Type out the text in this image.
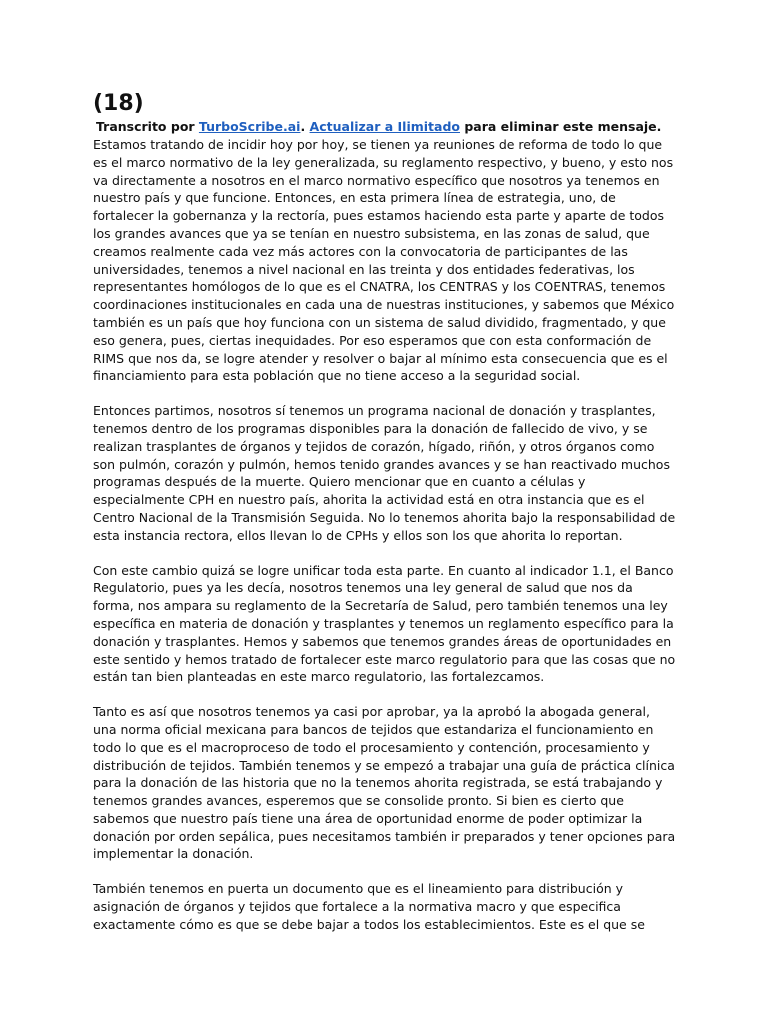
(18)

Transcrito por TurboScribe.ai. Actualizar a Ilimitado para eliminar este mensaje.

Estamos tratando de incidir hoy por hoy, se tienen ya reuniones de reforma de todo lo que es el marco normativo de la ley generalizada, su reglamento respectivo, y bueno, y esto nos va directamente a nosotros en el marco normativo específico que nosotros ya tenemos en nuestro país y que funcione. Entonces, en esta primera línea de estrategia, uno, de fortalecer la gobernanza y la rectoría, pues estamos haciendo esta parte y aparte de todos los grandes avances que ya se tenían en nuestro subsistema, en las zonas de salud, que creamos realmente cada vez más actores con la convocatoria de participantes de las universidades, tenemos a nivel nacional en las treinta y dos entidades federativas, los representantes homólogos de lo que es el CNATRA, los CENTRAS y los COENTRAS, tenemos coordinaciones institucionales en cada una de nuestras instituciones, y sabemos que México también es un país que hoy funciona con un sistema de salud dividido, fragmentado, y que eso genera, pues, ciertas inequidades. Por eso esperamos que con esta conformación de RIMS que nos da, se logre atender y resolver o bajar al mínimo esta consecuencia que es el financiamiento para esta población que no tiene acceso a la seguridad social.

Entonces partimos, nosotros sí tenemos un programa nacional de donación y trasplantes, tenemos dentro de los programas disponibles para la donación de fallecido de vivo, y se realizan trasplantes de órganos y tejidos de corazón, hígado, riñón, y otros órganos como son pulmón, corazón y pulmón, hemos tenido grandes avances y se han reactivado muchos programas después de la muerte. Quiero mencionar que en cuanto a células y especialmente CPH en nuestro país, ahorita la actividad está en otra instancia que es el Centro Nacional de la Transmisión Seguida. No lo tenemos ahorita bajo la responsabilidad de esta instancia rectora, ellos llevan lo de CPHs y ellos son los que ahorita lo reportan.

Con este cambio quizá se logre unificar toda esta parte. En cuanto al indicador 1.1, el Banco Regulatorio, pues ya les decía, nosotros tenemos una ley general de salud que nos da forma, nos ampara su reglamento de la Secretaría de Salud, pero también tenemos una ley específica en materia de donación y trasplantes y tenemos un reglamento específico para la donación y trasplantes. Hemos y sabemos que tenemos grandes áreas de oportunidades en este sentido y hemos tratado de fortalecer este marco regulatorio para que las cosas que no están tan bien planteadas en este marco regulatorio, las fortalezcamos.

Tanto es así que nosotros tenemos ya casi por aprobar, ya la aprobó la abogada general, una norma oficial mexicana para bancos de tejidos que estandariza el funcionamiento en todo lo que es el macroproceso de todo el procesamiento y contención, procesamiento y distribución de tejidos. También tenemos y se empezó a trabajar una guía de práctica clínica para la donación de las historia que no la tenemos ahorita registrada, se está trabajando y tenemos grandes avances, esperemos que se consolide pronto. Si bien es cierto que sabemos que nuestro país tiene una área de oportunidad enorme de poder optimizar la donación por orden sepálica, pues necesitamos también ir preparados y tener opciones para implementar la donación.

También tenemos en puerta un documento que es el lineamiento para distribución y asignación de órganos y tejidos que fortalece a la normativa macro y que especifica exactamente cómo es que se debe bajar a todos los establecimientos. Este es el que se
